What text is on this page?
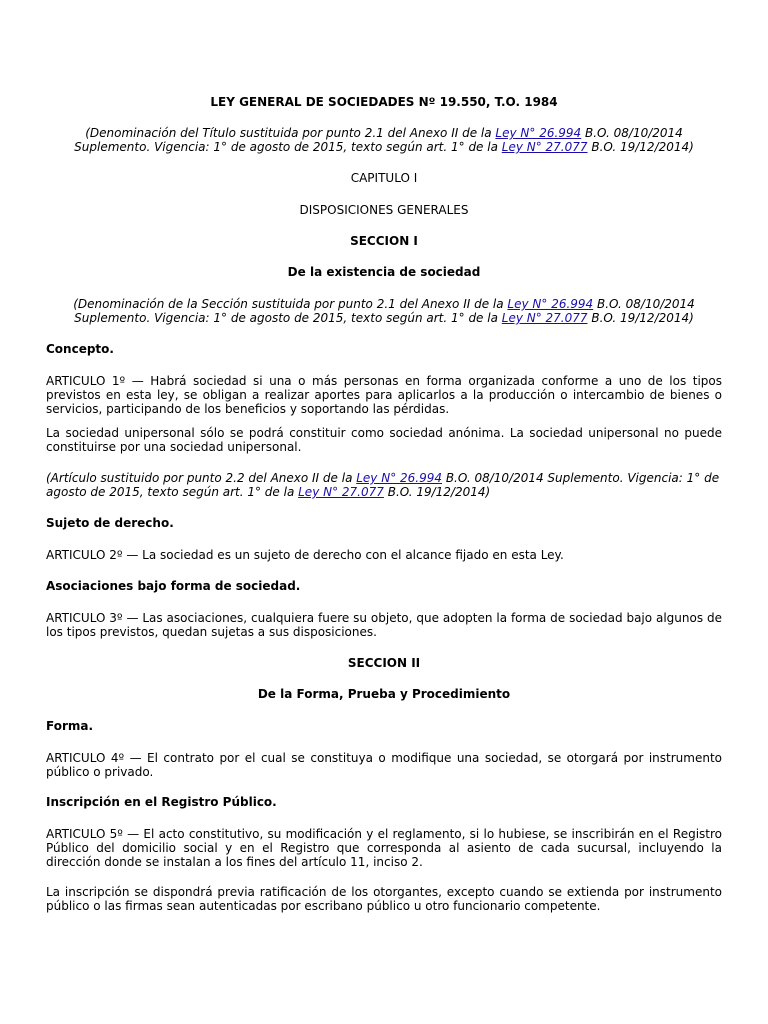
LEY GENERAL DE SOCIEDADES Nº 19.550, T.O. 1984
(Denominación del Título sustituida por punto 2.1 del Anexo II de la Ley N° 26.994 B.O. 08/10/2014 Suplemento. Vigencia: 1° de agosto de 2015, texto según art. 1° de la Ley N° 27.077 B.O. 19/12/2014)
CAPITULO I
DISPOSICIONES GENERALES
SECCION I
De la existencia de sociedad
(Denominación de la Sección sustituida por punto 2.1 del Anexo II de la Ley N° 26.994 B.O. 08/10/2014 Suplemento. Vigencia: 1° de agosto de 2015, texto según art. 1° de la Ley N° 27.077 B.O. 19/12/2014)
Concepto.
ARTICULO 1º — Habrá sociedad si una o más personas en forma organizada conforme a uno de los tipos previstos en esta ley, se obligan a realizar aportes para aplicarlos a la producción o intercambio de bienes o servicios, participando de los beneficios y soportando las pérdidas.
La sociedad unipersonal sólo se podrá constituir como sociedad anónima. La sociedad unipersonal no puede constituirse por una sociedad unipersonal.
(Artículo sustituido por punto 2.2 del Anexo II de la Ley N° 26.994 B.O. 08/10/2014 Suplemento. Vigencia: 1° de agosto de 2015, texto según art. 1° de la Ley N° 27.077 B.O. 19/12/2014)
Sujeto de derecho.
ARTICULO 2º — La sociedad es un sujeto de derecho con el alcance fijado en esta Ley.
Asociaciones bajo forma de sociedad.
ARTICULO 3º — Las asociaciones, cualquiera fuere su objeto, que adopten la forma de sociedad bajo algunos de los tipos previstos, quedan sujetas a sus disposiciones.
SECCION II
De la Forma, Prueba y Procedimiento
Forma.
ARTICULO 4º — El contrato por el cual se constituya o modifique una sociedad, se otorgará por instrumento público o privado.
Inscripción en el Registro Público.
ARTICULO 5º — El acto constitutivo, su modificación y el reglamento, si lo hubiese, se inscribirán en el Registro Público del domicilio social y en el Registro que corresponda al asiento de cada sucursal, incluyendo la dirección donde se instalan a los fines del artículo 11, inciso 2.
La inscripción se dispondrá previa ratificación de los otorgantes, excepto cuando se extienda por instrumento público o las firmas sean autenticadas por escribano público u otro funcionario competente.
